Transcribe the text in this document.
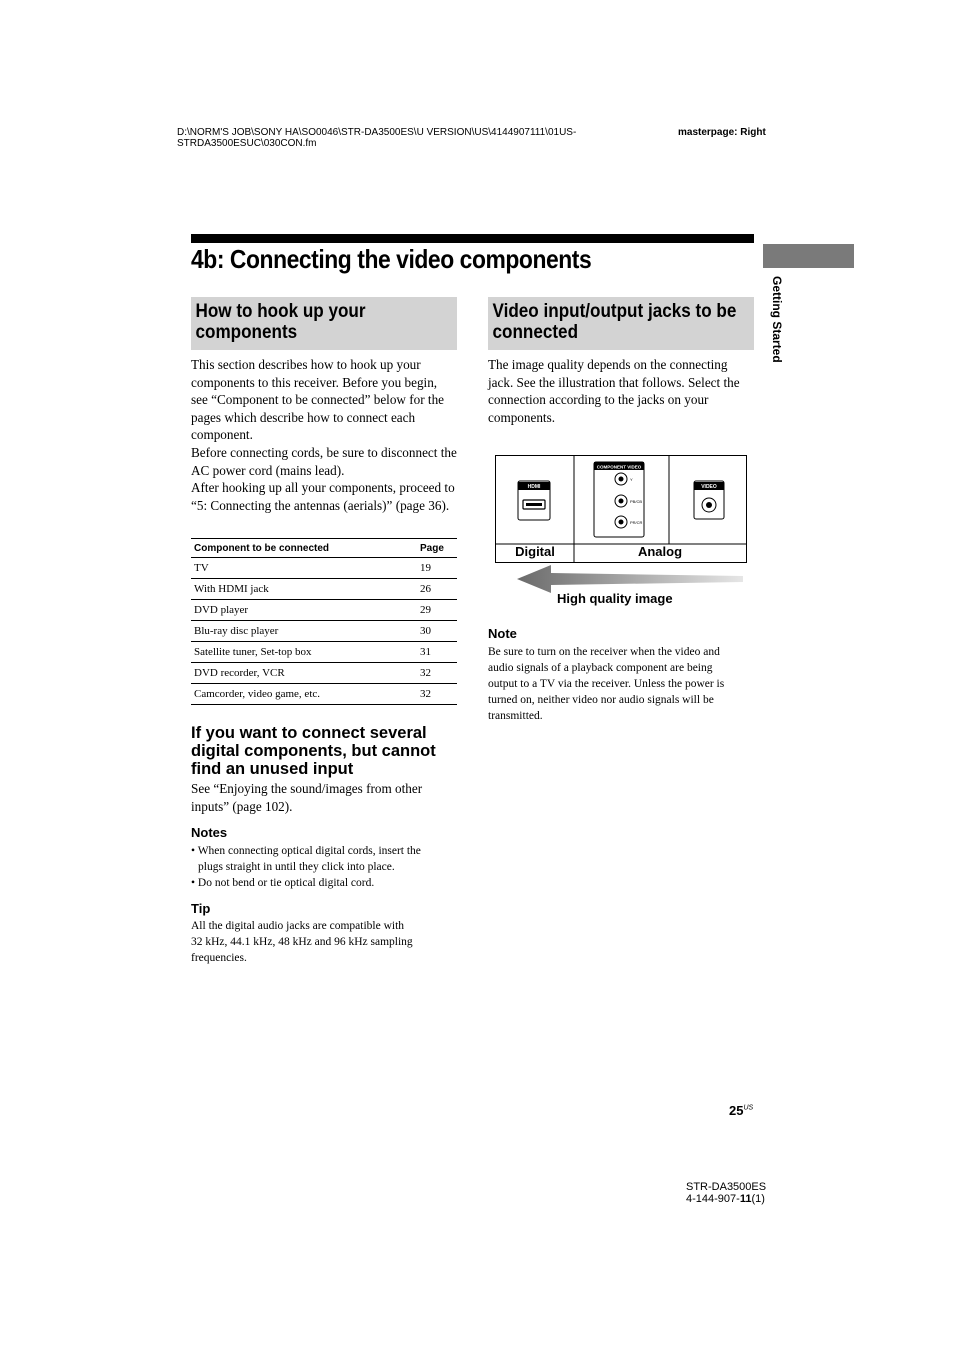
D:\NORM'S JOB\SONY HA\SO0046\STR-DA3500ES\U VERSION\US\4144907111\01US-
STRDA3500ESUC\030CON.fm
masterpage: Right
4b: Connecting the video components
Getting Started
How to hook up your components
This section describes how to hook up your components to this receiver. Before you begin, see “Component to be connected” below for the pages which describe how to connect each component.
Before connecting cords, be sure to disconnect the AC power cord (mains lead).
After hooking up all your components, proceed to “5: Connecting the antennas (aerials)” (page 36).
Component to be connected	Page
TV	19
With HDMI jack	26
DVD player	29
Blu-ray disc player	30
Satellite tuner, Set-top box	31
DVD recorder, VCR	32
Camcorder, video game, etc.	32
If you want to connect several digital components, but cannot find an unused input
See “Enjoying the sound/images from other inputs” (page 102).
Notes
• When connecting optical digital cords, insert the
plugs straight in until they click into place.
• Do not bend or tie optical digital cord.
Tip
All the digital audio jacks are compatible with
32 kHz, 44.1 kHz, 48 kHz and 96 kHz sampling
frequencies.
Video input/output jacks to be connected
The image quality depends on the connecting jack. See the illustration that follows. Select the connection according to the jacks on your components.
HDMI
COMPONENT VIDEO
VIDEO
Y
PB/CB
PR/CR
Digital	Analog
High quality image
Note
Be sure to turn on the receiver when the video and
audio signals of a playback component are being
output to a TV via the receiver. Unless the power is
turned on, neither video nor audio signals will be
transmitted.
$25^{US}$
STR-DA3500ES
4-144-907-11(1)
